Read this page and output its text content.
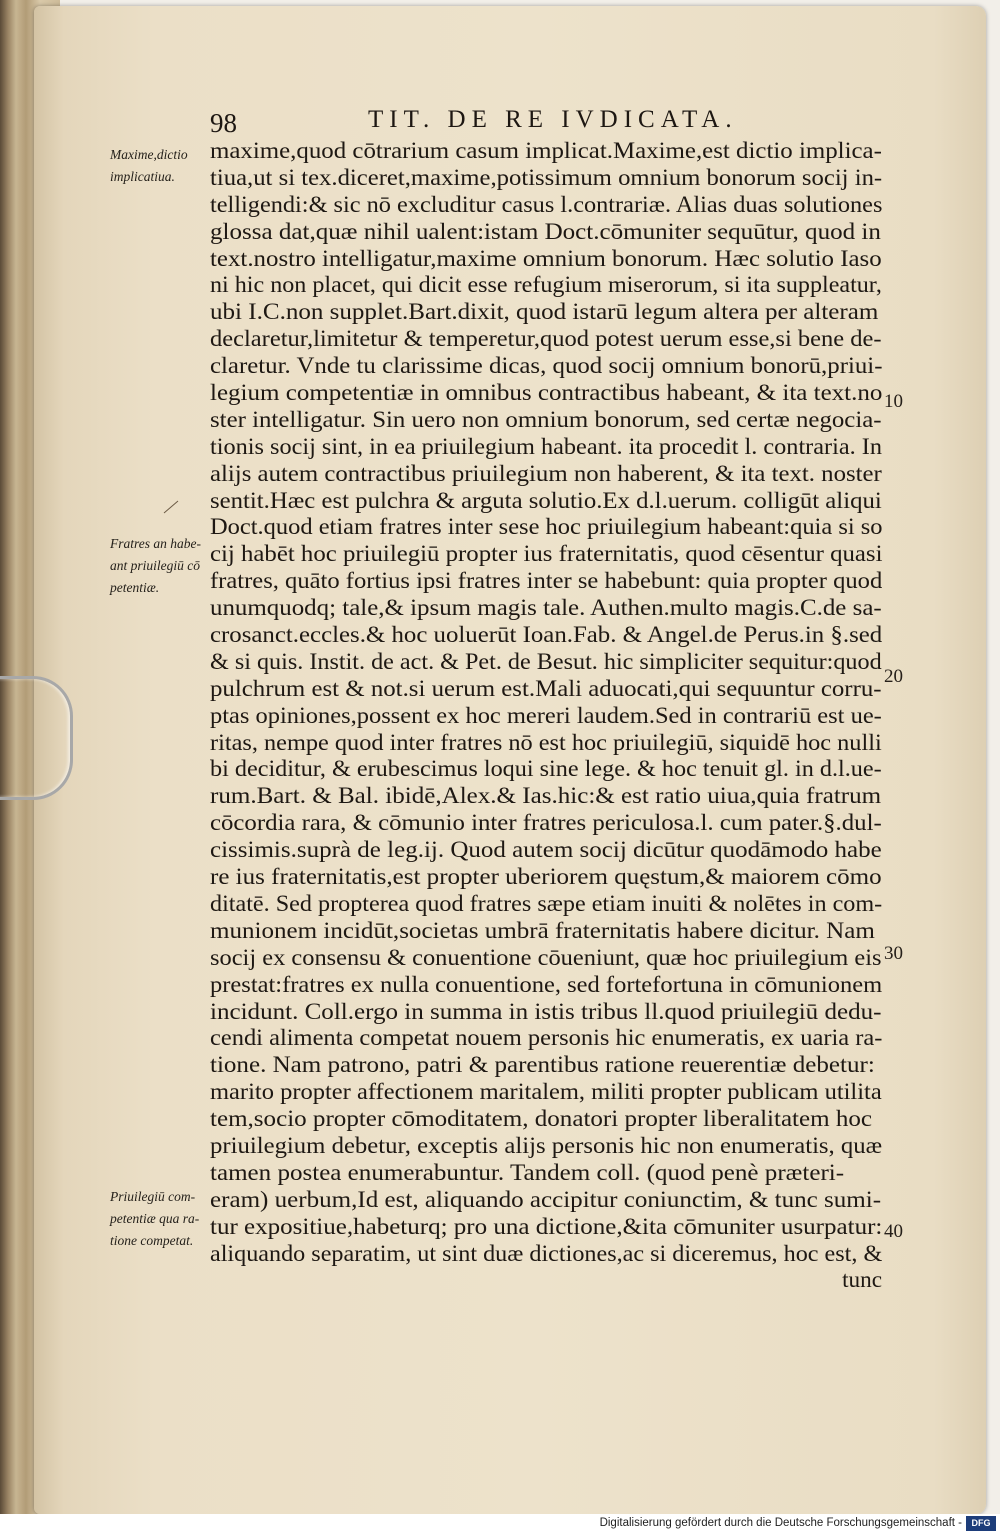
98	TIT. DE RE IVDICATA.
maxime,quod cōtrarium casum implicat.Maxime,est dictio implica-
tiua,ut si tex.diceret,maxime,potissimum omnium bonorum socij in-
telligendi:& sic nō excluditur casus l.contrariæ. Alias duas solutiones
glossa dat,quæ nihil ualent:istam Doct.cōmuniter sequūtur, quod in
text.nostro intelligatur,maxime omnium bonorum. Hæc solutio Iaso
ni hic non placet, qui dicit esse refugium miserorum, si ita suppleatur,
ubi I.C.non supplet.Bart.dixit, quod istarū legum altera per alteram
declaretur,limitetur & temperetur,quod potest uerum esse,si bene de-
claretur. Vnde tu clarissime dicas, quod socij omnium bonorū,priui-
legium competentiæ in omnibus contractibus habeant, & ita text.no
ster intelligatur. Sin uero non omnium bonorum, sed certæ negocia-
tionis socij sint, in ea priuilegium habeant. ita procedit l. contraria. In
alijs autem contractibus priuilegium non haberent, & ita text. noster
sentit.Hæc est pulchra & arguta solutio.Ex d.l.uerum. colligūt aliqui
Doct.quod etiam fratres inter sese hoc priuilegium habeant:quia si so
cij habēt hoc priuilegiū propter ius fraternitatis, quod cēsentur quasi
fratres, quāto fortius ipsi fratres inter se habebunt: quia propter quod
unumquodq; tale,& ipsum magis tale. Authen.multo magis.C.de sa-
crosanct.eccles.& hoc uoluerūt Ioan.Fab. & Angel.de Perus.in §.sed
& si quis. Instit. de act. & Pet. de Besut. hic simpliciter sequitur:quod
pulchrum est & not.si uerum est.Mali aduocati,qui sequuntur corru-
ptas opiniones,possent ex hoc mereri laudem.Sed in contrariū est ue-
ritas, nempe quod inter fratres nō est hoc priuilegiū, siquidē hoc nulli
bi deciditur, & erubescimus loqui sine lege. & hoc tenuit gl. in d.l.ue-
rum.Bart. & Bal. ibidē,Alex.& Ias.hic:& est ratio uiua,quia fratrum
cōcordia rara, & cōmunio inter fratres periculosa.l. cum pater.§.dul-
cissimis.suprà de leg.ij. Quod autem socij dicūtur quodāmodo habe
re ius fraternitatis,est propter uberiorem quęstum,& maiorem cōmo
ditatē. Sed propterea quod fratres sæpe etiam inuiti & nolētes in com-
munionem incidūt,societas umbrā fraternitatis habere dicitur. Nam
socij ex consensu & conuentione cōueniunt, quæ hoc priuilegium eis
prestat:fratres ex nulla conuentione, sed fortefortuna in cōmunionem
incidunt. Coll.ergo in summa in istis tribus ll.quod priuilegiū dedu-
cendi alimenta competat nouem personis hic enumeratis, ex uaria ra-
tione. Nam patrono, patri & parentibus ratione reuerentiæ debetur:
marito propter affectionem maritalem, militi propter publicam utilita
tem,socio propter cōmoditatem, donatori propter liberalitatem hoc
priuilegium debetur, exceptis alijs personis hic non enumeratis, quæ
tamen postea enumerabuntur. Tandem coll. (quod penè præteri-
eram) uerbum,Id est, aliquando accipitur coniunctim, & tunc sumi-
tur expositiue,habeturq; pro una dictione,&ita cōmuniter usurpatur:
aliquando separatim, ut sint duæ dictiones,ac si diceremus, hoc est, &
tunc
Maxime,dictio
implicatiua.
Fratres an habe-
ant priuilegiū cō
petentiæ.
Priuilegiū com-
petentiæ qua ra-
tione competat.
10
20
30
40
Digitalisierung gefördert durch die Deutsche Forschungsgemeinschaft -	DFG
